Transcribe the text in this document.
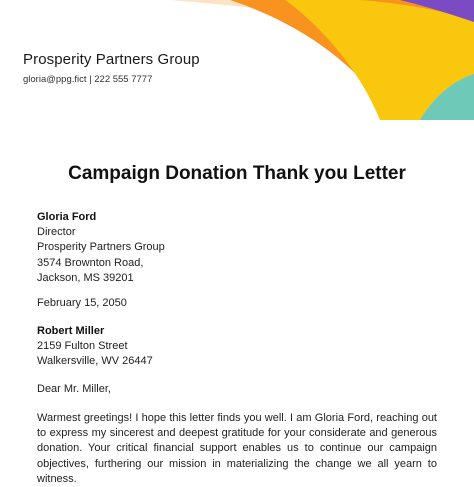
Prosperity Partners Group
gloria@ppg.fict | 222 555 7777
Campaign Donation Thank you Letter
Gloria Ford
Director
Prosperity Partners Group
3574 Brownton Road,
Jackson, MS 39201
February 15, 2050
Robert Miller
2159 Fulton Street
Walkersville, WV 26447
Dear Mr. Miller,
Warmest greetings! I hope this letter finds you well. I am Gloria Ford, reaching out to express my sincerest and deepest gratitude for your considerate and generous donation. Your critical financial support enables us to continue our campaign objectives, furthering our mission in materializing the change we all yearn to witness.
